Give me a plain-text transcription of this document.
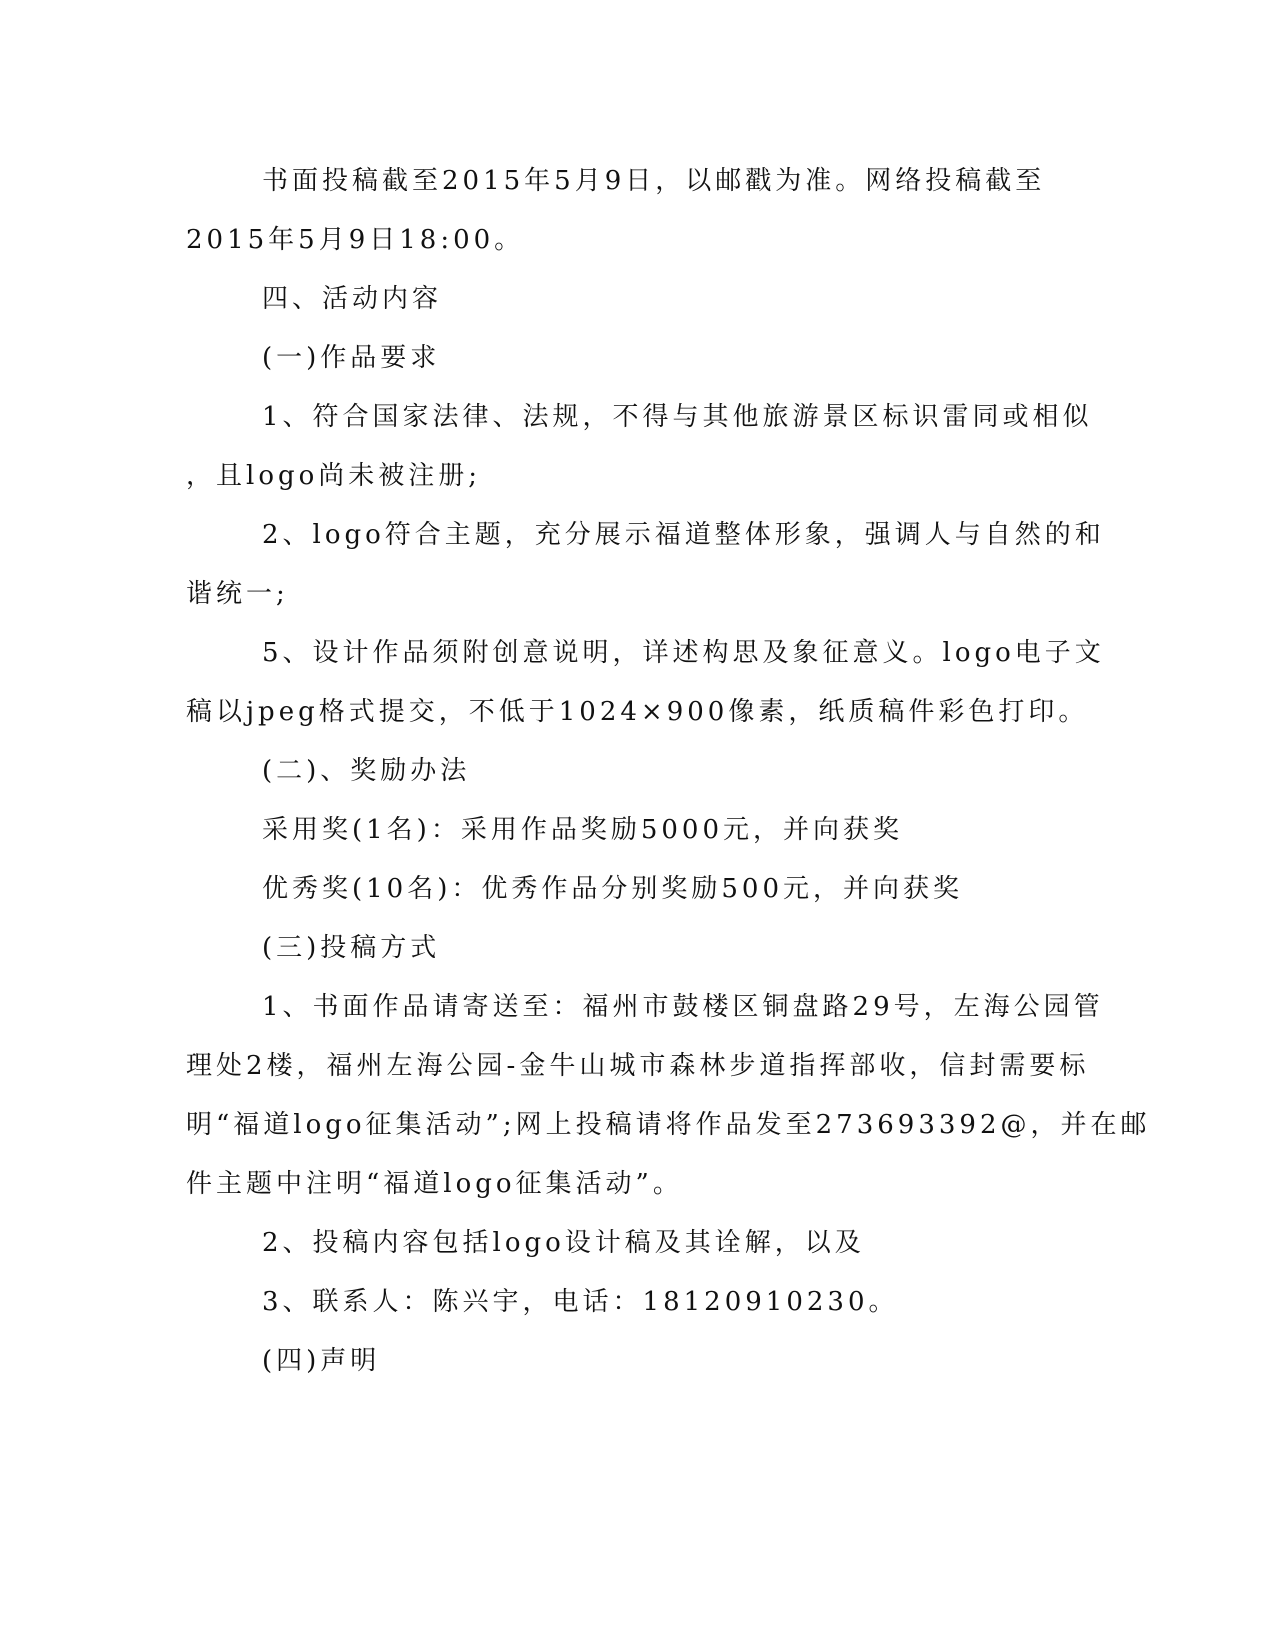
书面投稿截至2015年5月9日，以邮戳为准。网络投稿截至
2015年5月9日18:00。
四、活动内容
(一)作品要求
1、符合国家法律、法规，不得与其他旅游景区标识雷同或相似
，且logo尚未被注册;
2、logo符合主题，充分展示福道整体形象，强调人与自然的和
谐统一;
5、设计作品须附创意说明，详述构思及象征意义。logo电子文
稿以jpeg格式提交，不低于1024×900像素，纸质稿件彩色打印。
(二)、奖励办法
采用奖(1名)：采用作品奖励5000元，并向获奖
优秀奖(10名)：优秀作品分别奖励500元，并向获奖
(三)投稿方式
1、书面作品请寄送至：福州市鼓楼区铜盘路29号，左海公园管
理处2楼，福州左海公园-金牛山城市森林步道指挥部收，信封需要标
明“福道logo征集活动”;网上投稿请将作品发至273693392@，并在邮
件主题中注明“福道logo征集活动”。
2、投稿内容包括logo设计稿及其诠解，以及
3、联系人：陈兴宇，电话：18120910230。
(四)声明
